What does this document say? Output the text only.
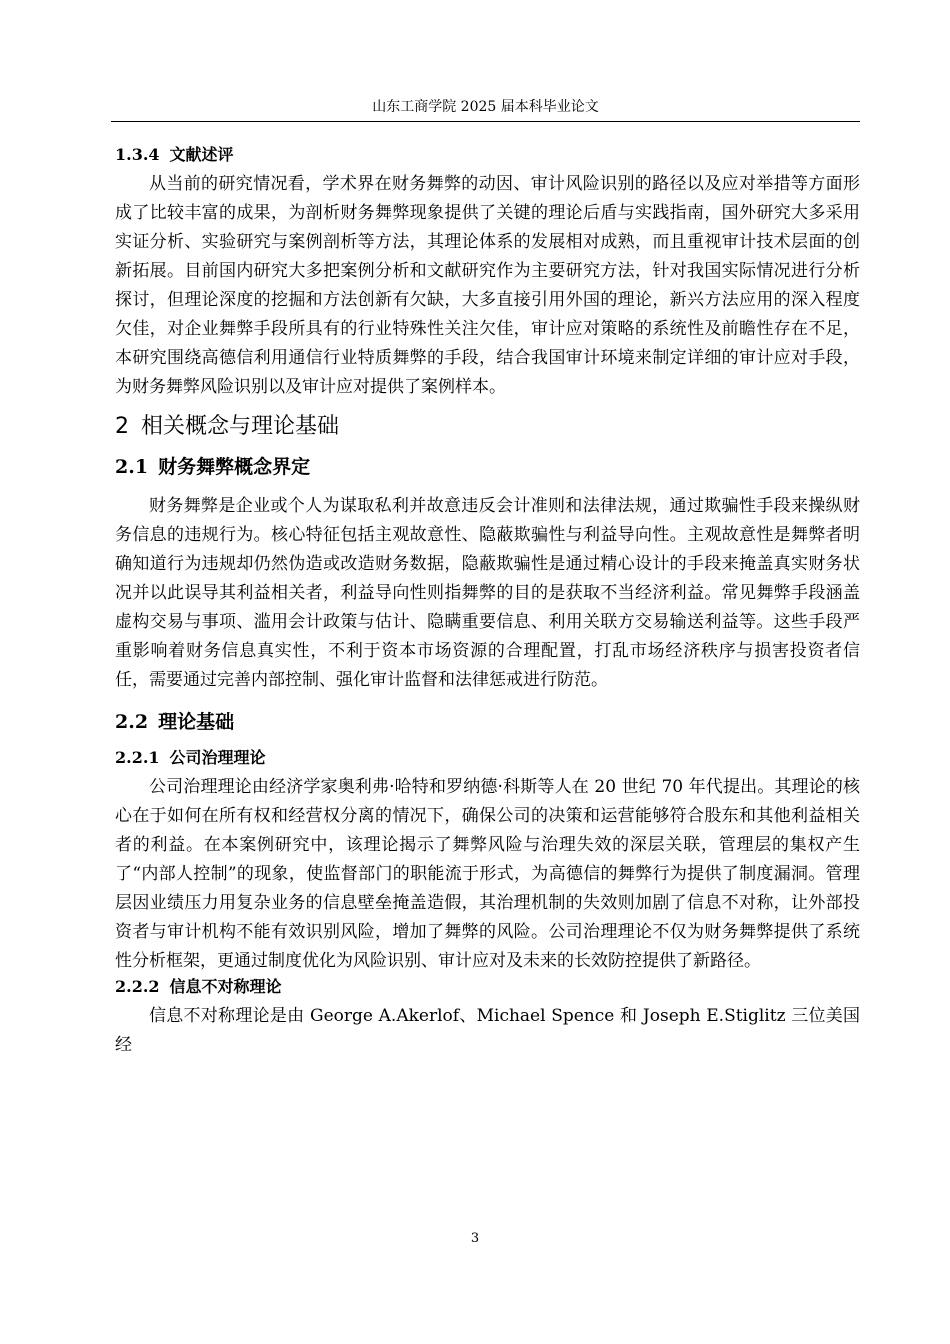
山东工商学院 2025 届本科毕业论文
1.3.4 文献述评

从当前的研究情况看，学术界在财务舞弊的动因、审计风险识别的路径以及应对举措等方面形成了比较丰富的成果，为剖析财务舞弊现象提供了关键的理论后盾与实践指南，国外研究大多采用实证分析、实验研究与案例剖析等方法，其理论体系的发展相对成熟，而且重视审计技术层面的创新拓展。目前国内研究大多把案例分析和文献研究作为主要研究方法，针对我国实际情况进行分析探讨，但理论深度的挖掘和方法创新有欠缺，大多直接引用外国的理论，新兴方法应用的深入程度欠佳，对企业舞弊手段所具有的行业特殊性关注欠佳，审计应对策略的系统性及前瞻性存在不足，本研究围绕高德信利用通信行业特质舞弊的手段，结合我国审计环境来制定详细的审计应对手段，为财务舞弊风险识别以及审计应对提供了案例样本。

2 相关概念与理论基础
2.1 财务舞弊概念界定

财务舞弊是企业或个人为谋取私利并故意违反会计准则和法律法规，通过欺骗性手段来操纵财务信息的违规行为。核心特征包括主观故意性、隐蔽欺骗性与利益导向性。主观故意性是舞弊者明确知道行为违规却仍然伪造或改造财务数据，隐蔽欺骗性是通过精心设计的手段来掩盖真实财务状况并以此误导其利益相关者，利益导向性则指舞弊的目的是获取不当经济利益。常见舞弊手段涵盖虚构交易与事项、滥用会计政策与估计、隐瞒重要信息、利用关联方交易输送利益等。这些手段严重影响着财务信息真实性，不利于资本市场资源的合理配置，打乱市场经济秩序与损害投资者信任，需要通过完善内部控制、强化审计监督和法律惩戒进行防范。

2.2 理论基础
2.2.1 公司治理理论

公司治理理论由经济学家奥利弗·哈特和罗纳德·科斯等人在 20 世纪 70 年代提出。其理论的核心在于如何在所有权和经营权分离的情况下，确保公司的决策和运营能够符合股东和其他利益相关者的利益。在本案例研究中，该理论揭示了舞弊风险与治理失效的深层关联，管理层的集权产生了“内部人控制”的现象，使监督部门的职能流于形式，为高德信的舞弊行为提供了制度漏洞。管理层因业绩压力用复杂业务的信息壁垒掩盖造假，其治理机制的失效则加剧了信息不对称，让外部投资者与审计机构不能有效识别风险，增加了舞弊的风险。公司治理理论不仅为财务舞弊提供了系统性分析框架，更通过制度优化为风险识别、审计应对及未来的长效防控提供了新路径。

2.2.2 信息不对称理论

信息不对称理论是由 George A.Akerlof、Michael Spence 和 Joseph E.Stiglitz 三位美国经

3
